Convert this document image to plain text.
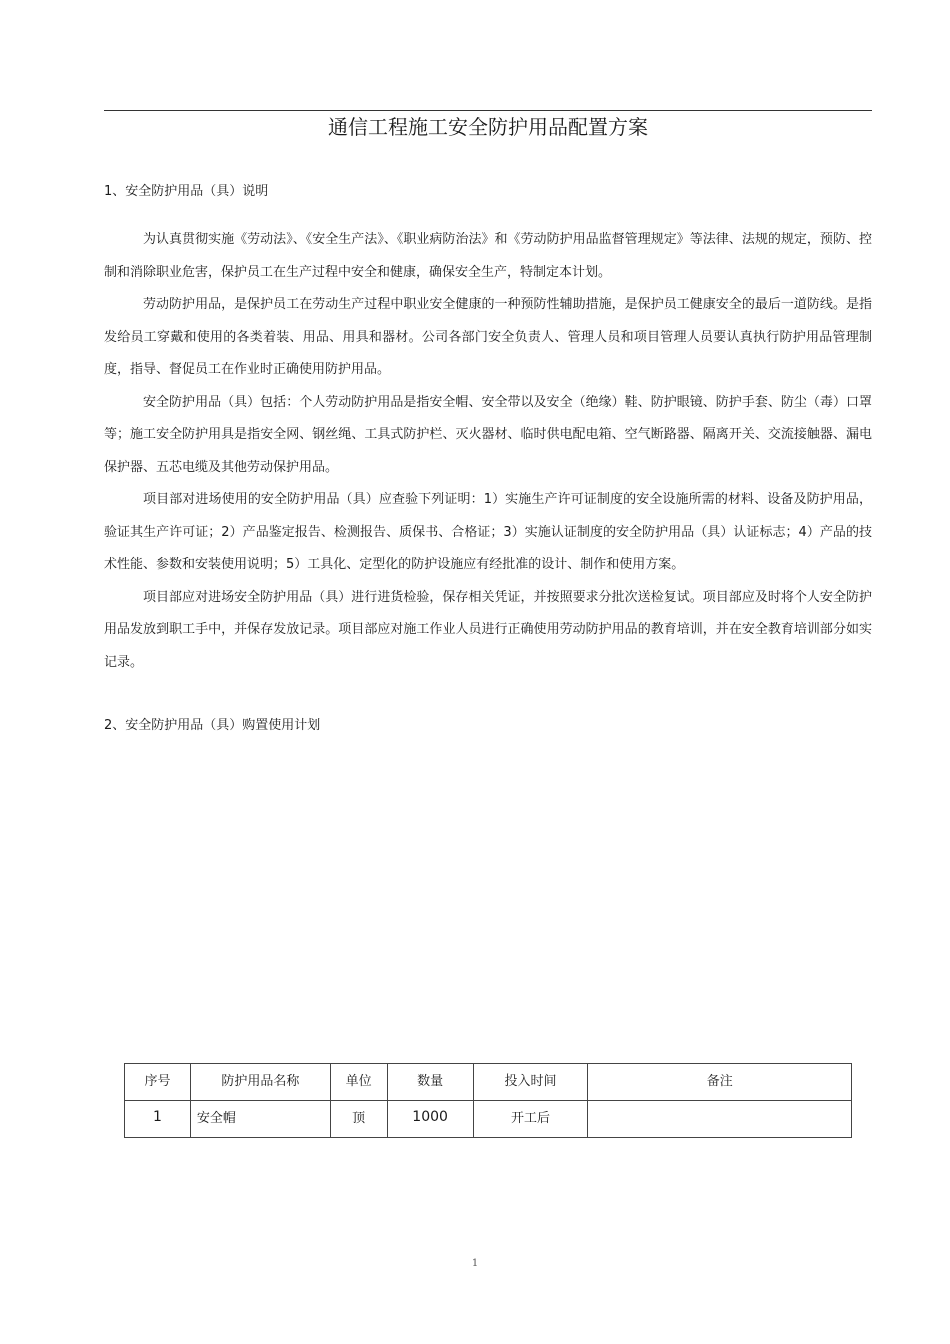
通信工程施工安全防护用品配置方案
1、安全防护用品（具）说明

为认真贯彻实施《劳动法》、《安全生产法》、《职业病防治法》和《劳动防护用品监督管理规定》等法律、法规的规定，预防、控制和消除职业危害，保护员工在生产过程中安全和健康，确保安全生产，特制定本计划。

劳动防护用品，是保护员工在劳动生产过程中职业安全健康的一种预防性辅助措施，是保护员工健康安全的最后一道防线。是指发给员工穿戴和使用的各类着装、用品、用具和器材。公司各部门安全负责人、管理人员和项目管理人员要认真执行防护用品管理制度，指导、督促员工在作业时正确使用防护用品。

安全防护用品（具）包括：个人劳动防护用品是指安全帽、安全带以及安全（绝缘）鞋、防护眼镜、防护手套、防尘（毒）口罩等；施工安全防护用具是指安全网、钢丝绳、工具式防护栏、灭火器材、临时供电配电箱、空气断路器、隔离开关、交流接触器、漏电保护器、五芯电缆及其他劳动保护用品。

项目部对进场使用的安全防护用品（具）应查验下列证明：1）实施生产许可证制度的安全设施所需的材料、设备及防护用品，验证其生产许可证；2）产品鉴定报告、检测报告、质保书、合格证；3）实施认证制度的安全防护用品（具）认证标志；4）产品的技术性能、参数和安装使用说明；5）工具化、定型化的防护设施应有经批准的设计、制作和使用方案。

项目部应对进场安全防护用品（具）进行进货检验，保存相关凭证，并按照要求分批次送检复试。项目部应及时将个人安全防护用品发放到职工手中，并保存发放记录。项目部应对施工作业人员进行正确使用劳动防护用品的教育培训，并在安全教育培训部分如实记录。

2、安全防护用品（具）购置使用计划
序号	防护用品名称	单位	数量	投入时间	备注
1	安全帽	顶	1000	开工后	
1
